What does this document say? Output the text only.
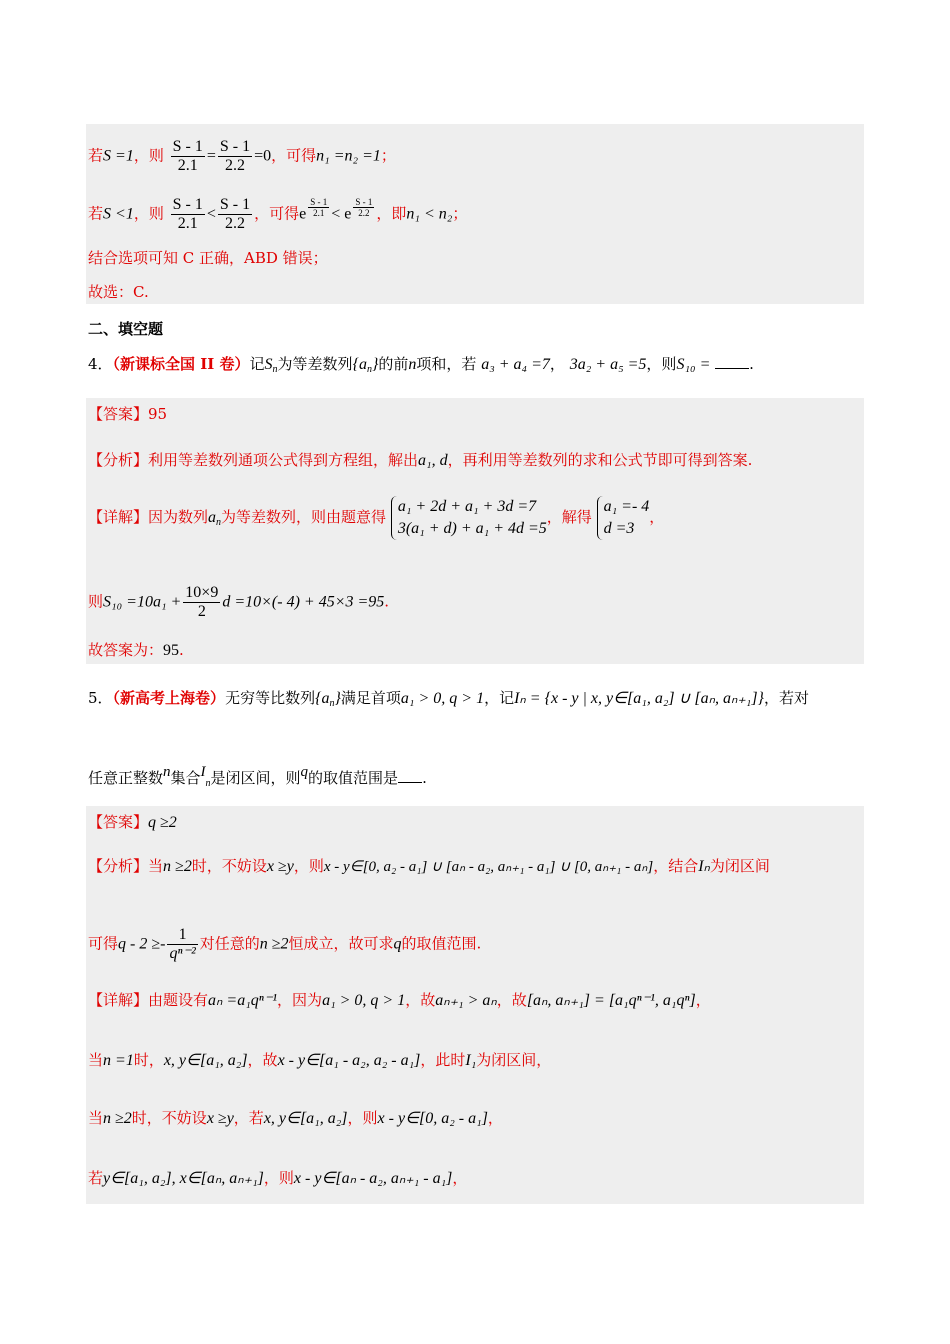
若S =1，则 $\frac{S - 1}{2.1} = \frac{S - 1}{2.2} =0$，可得n₁ =n₂ =1；
若S <1，则 $\frac{S - 1}{2.1} < \frac{S - 1}{2.2}$ ，可得e $^{\frac{S - 1}{2.1}}$ < e $^{\frac{S - 1}{2.2}}$ ，即n₁ < n₂；
结合选项可知 C 正确，ABD 错误；
故选：C.
二、填空题
4．（新课标全国 II 卷）记$S_n$为等差数列$\{a_n\}$的前n项和，若 a₃ + a₄ =7， 3a₂ + a₅ =5，则S₁₀ =	.
【答案】95
【分析】利用等差数列通项公式得到方程组，解出a₁, d，再利用等差数列的求和公式节即可得到答案.
【详解】因为数列$a_n$为等差数列，则由题意得
a₁ + 2d + a₁ + 3d =7
3(a₁ + d) + a₁ + 4d =5
，解得
a₁ =- 4
d =3
，
则$S_{10} =10a_1 + \frac{10\times 9}{2}$ d =10×(- 4) + 45×3 =95.
故答案为：95.
5．（新高考上海卷）无穷等比数列$\{a_n\}$满足首项a₁ > 0, q > 1，记Iₙ = {x - y | x, y∈[a₁, a₂] ∪ [aₙ, aₙ₊₁]}，若对
任意正整数n集合$I_n$是闭区间，则q的取值范围是 .
【答案】q ≥2
【分析】当n ≥2时，不妨设x ≥y，则x - y∈[0, a₂ - a₁] ∪ [aₙ - a₂, aₙ₊₁ - a₁] ∪ [0, aₙ₊₁ - aₙ]，结合Iₙ为闭区间
可得$q - 2 \ge- \frac{1}{\text{qⁿ⁻²}}$ 对任意的n ≥2恒成立，故可求q的取值范围.
【详解】由题设有aₙ =a₁qⁿ⁻¹，因为a₁ > 0, q > 1，故aₙ₊₁ > aₙ，故[aₙ, aₙ₊₁] = [a₁qⁿ⁻¹, a₁qⁿ]，
当n =1时，x, y∈[a₁, a₂]，故x - y∈[a₁ - a₂, a₂ - a₁]，此时I₁为闭区间，
当n ≥2时，不妨设x ≥y，若x, y∈[a₁, a₂]，则x - y∈[0, a₂ - a₁]，
若y∈[a₁, a₂], x∈[aₙ, aₙ₊₁]，则x - y∈[aₙ - a₂, aₙ₊₁ - a₁]，
